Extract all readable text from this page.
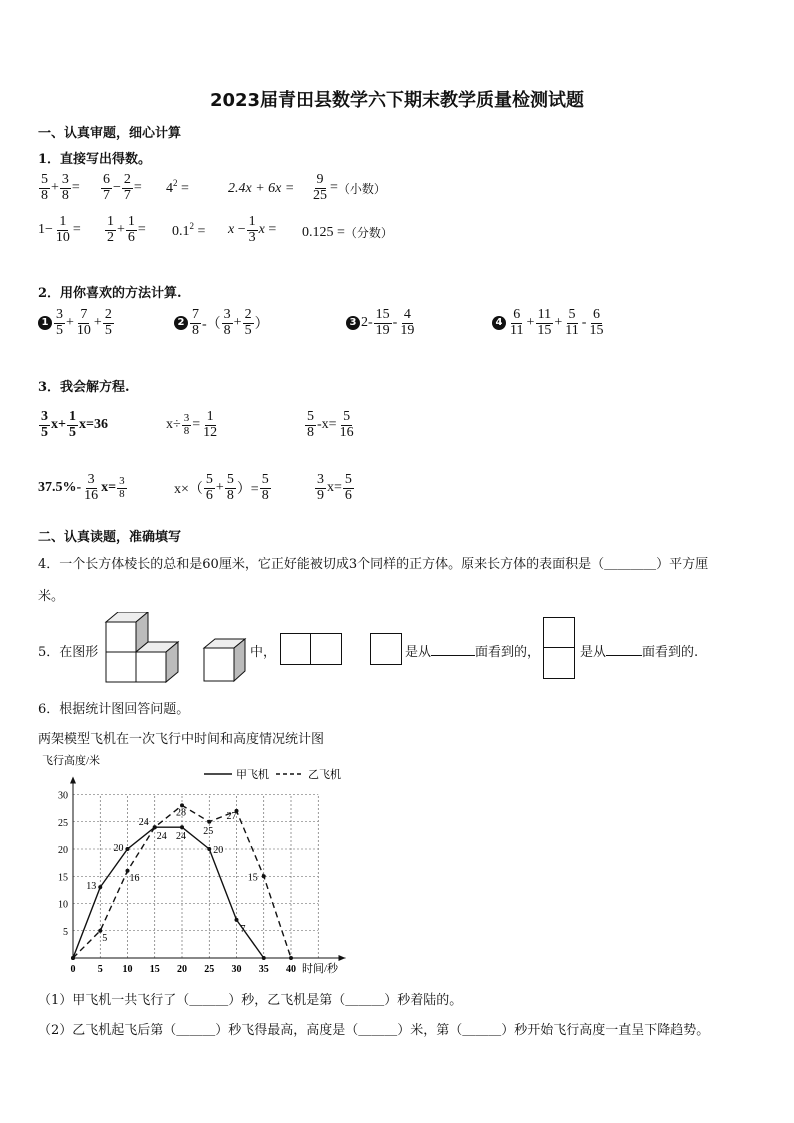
2023届青田县数学六下期末教学质量检测试题
一、认真审题，细心计算
1．直接写出得数。
$\frac{5}{8} + \frac{3}{8} = \frac{6}{7} - \frac{2}{7} = 4$ 2 =	$2.4x + 6x = \frac{9}{25}$ = （小数）
$1- \frac{1}{10} = \frac{1}{2} + \frac{1}{6} = 0.1$ $2 = x - \frac{1}{3}$ x = 0.125 = （分数）
2．用你喜欢的方法计算.
$1 \frac{3}{5} + \frac{7}{10} + \frac{2}{5}$	$2 \frac{7}{8}$ -（ $\frac{3}{8} + \frac{2}{5}$ ）	3 $2- \frac{15}{19} - \frac{4}{19}$	$4 \frac{6}{11} + \frac{11}{15} + \frac{5}{11} - \frac{6}{15}$
3．我会解方程.
$\frac{3}{5} x+ \frac{1}{5}$ x =36	$x\div \frac{3}{8} = \frac{1}{12}$	$\frac{5}{8} -x= \frac{5}{16}$
$37.5\%- \frac{3}{16} x= \frac{3}{8}$	$x\times( \frac{5}{6} + \frac{5}{8}$ ）= $\frac{5}{8}$	$\frac{3}{9} x= \frac{5}{6}$
二、认真读题，准确填写
4．一个长方体棱长的总和是60厘米，它正好能被切成3个同样的正方体。原来长方体的表面积是（＿＿＿＿）平方厘
米。
5．在图形	中，	是从	面看到的，	是从	面看到的.
6．根据统计图回答问题。
两架模型飞机在一次飞行中时间和高度情况统计图
0 5 10 15 20 25 30 35 40
5
10
15
20
25
30
13
20
24
24
20
7
5
16
24
28
25
27
15
飞行高度/米
时间/秒
甲飞机	乙飞机
（1）甲飞机一共飞行了（＿＿＿）秒，乙飞机是第（＿＿＿）秒着陆的。
（2）乙飞机起飞后第（＿＿＿）秒飞得最高，高度是（＿＿＿）米，第（＿＿＿）秒开始飞行高度一直呈下降趋势。
